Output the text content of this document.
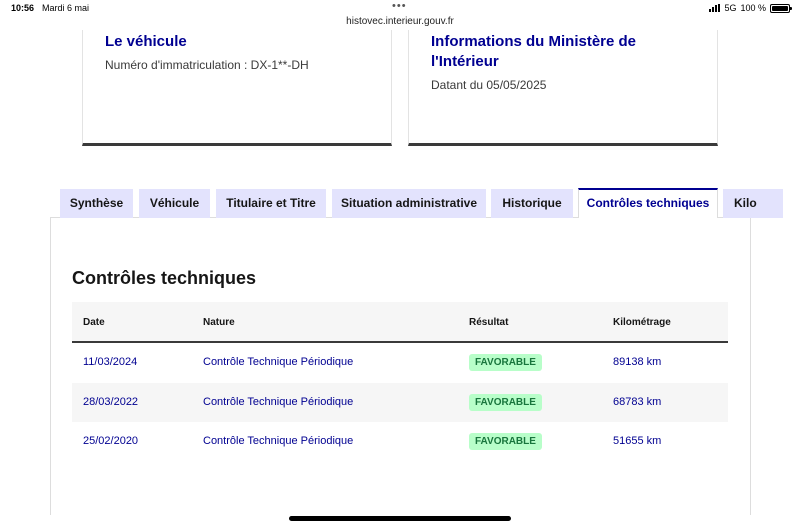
10:56 Mardi 6 mai	•••
histovec.interieur.gouv.fr
5G 100 %
Le véhicule
Numéro d'immatriculation : DX-1**-DH
Informations du Ministère de l'Intérieur
Datant du 05/05/2025
Synthèse	Véhicule	Titulaire et Titre	Situation administrative	Historique	Contrôles techniques	Kilo
Contrôles techniques
Date	Nature	Résultat	Kilométrage
11/03/2024	Contrôle Technique Périodique	FAVORABLE	89138 km
28/03/2022	Contrôle Technique Périodique	FAVORABLE	68783 km
25/02/2020	Contrôle Technique Périodique	FAVORABLE	51655 km
